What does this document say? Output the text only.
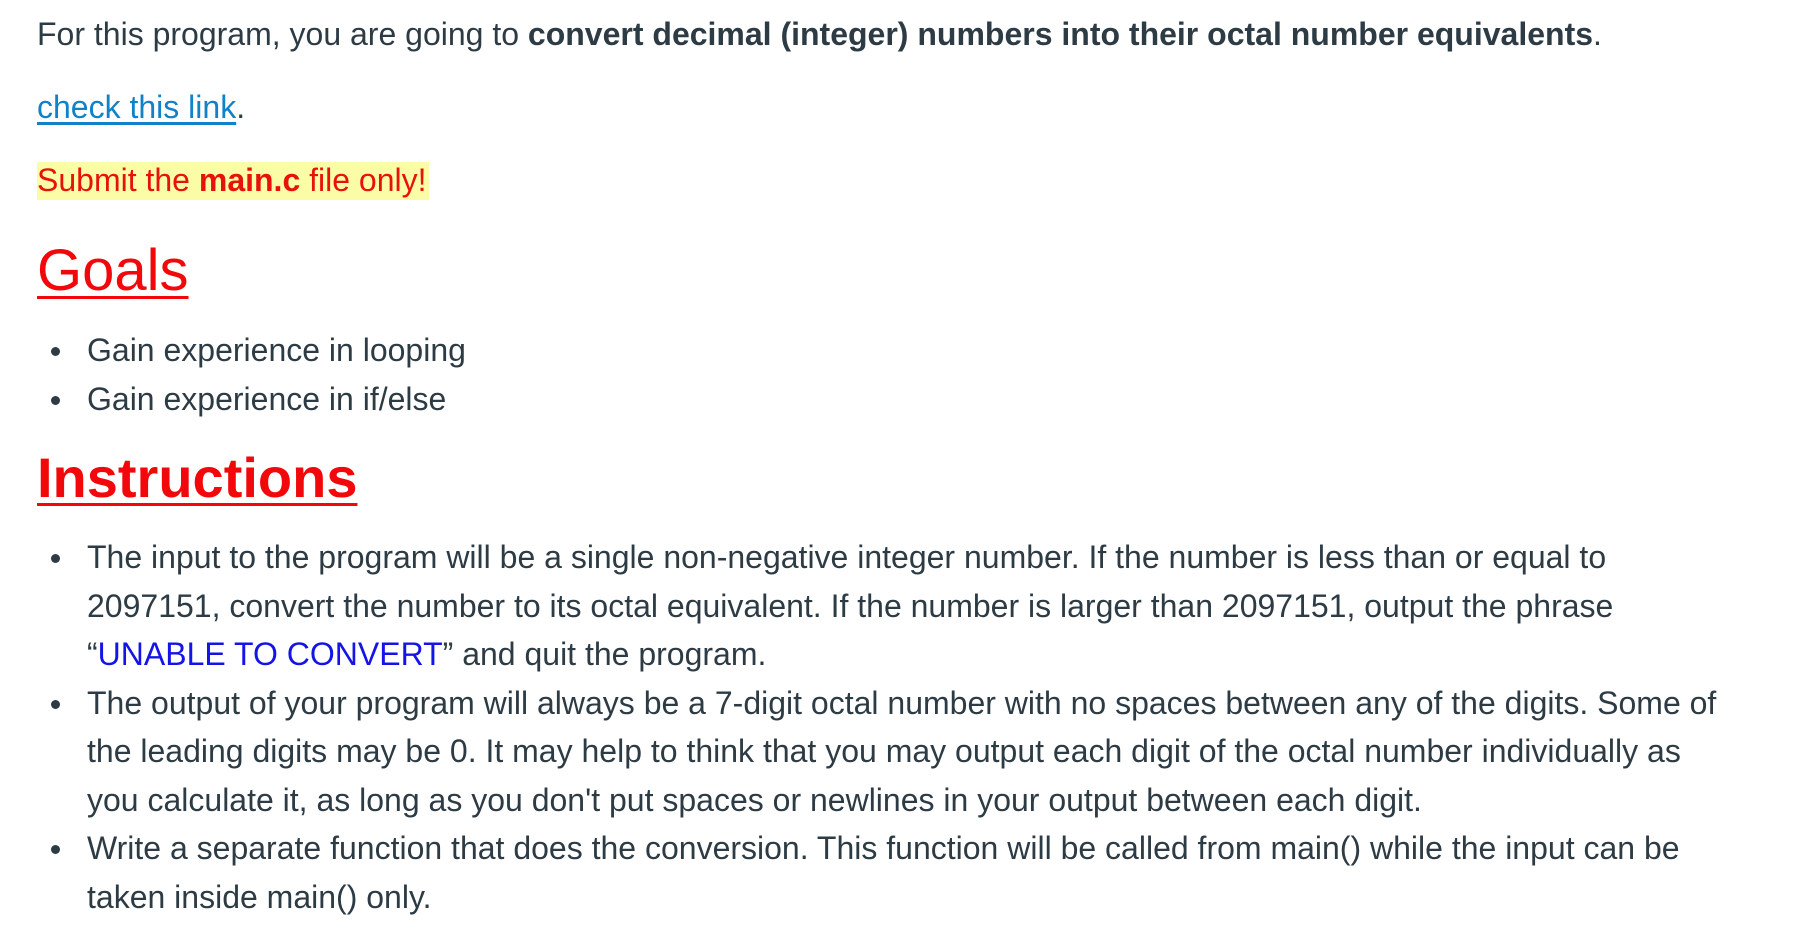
For this program, you are going to convert decimal (integer) numbers into their octal number equivalents.

check this link.

Submit the main.c file only!

Goals
Gain experience in looping
Gain experience in if/else
Instructions
The input to the program will be a single non-negative integer number. If the number is less than or equal to 2097151, convert the number to its octal equivalent. If the number is larger than 2097151, output the phrase “UNABLE TO CONVERT” and quit the program.
The output of your program will always be a 7-digit octal number with no spaces between any of the digits. Some of the leading digits may be 0. It may help to think that you may output each digit of the octal number individually as you calculate it, as long as you don't put spaces or newlines in your output between each digit.
Write a separate function that does the conversion. This function will be called from main() while the input can be taken inside main() only.
